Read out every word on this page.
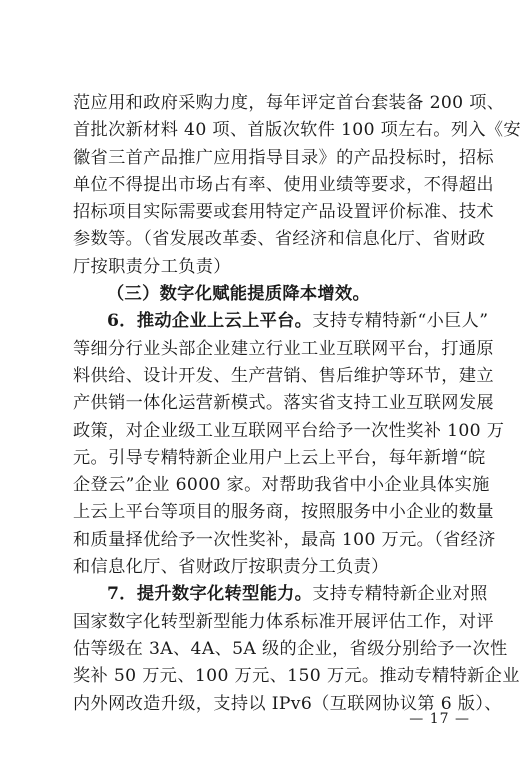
范应用和政府采购力度，每年评定首台套装备 200 项、
首批次新材料 40 项、首版次软件 100 项左右。列入《安
徽省三首产品推广应用指导目录》的产品投标时，招标
单位不得提出市场占有率、使用业绩等要求，不得超出
招标项目实际需要或套用特定产品设置评价标准、技术
参数等。（省发展改革委、省经济和信息化厅、省财政
厅按职责分工负责）
（三）数字化赋能提质降本增效。
6．推动企业上云上平台。支持专精特新“小巨人”
等细分行业头部企业建立行业工业互联网平台，打通原
料供给、设计开发、生产营销、售后维护等环节，建立
产供销一体化运营新模式。落实省支持工业互联网发展
政策，对企业级工业互联网平台给予一次性奖补 100 万
元。引导专精特新企业用户上云上平台，每年新增“皖
企登云”企业 6000 家。对帮助我省中小企业具体实施
上云上平台等项目的服务商，按照服务中小企业的数量
和质量择优给予一次性奖补，最高 100 万元。（省经济
和信息化厅、省财政厅按职责分工负责）
7．提升数字化转型能力。支持专精特新企业对照
国家数字化转型新型能力体系标准开展评估工作，对评
估等级在 3A、4A、5A 级的企业，省级分别给予一次性
奖补 50 万元、100 万元、150 万元。推动专精特新企业
内外网改造升级，支持以 IPv6（互联网协议第 6 版）、
— 17 —
